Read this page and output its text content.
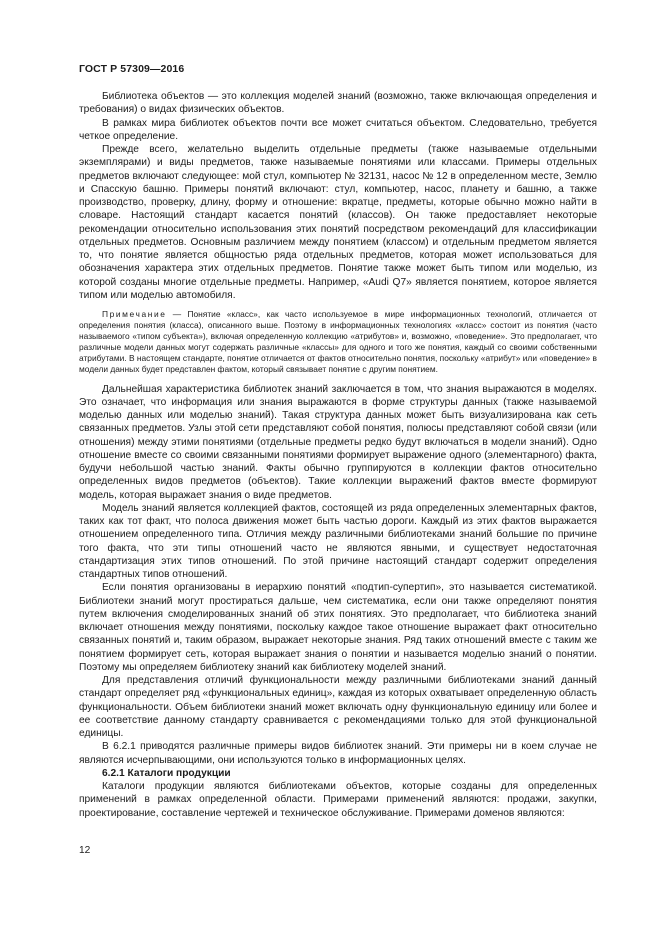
ГОСТ Р 57309—2016

Библиотека объектов — это коллекция моделей знаний (возможно, также включающая определения и требования) о видах физических объектов.

В рамках мира библиотек объектов почти все может считаться объектом. Следовательно, требуется четкое определение.

Прежде всего, желательно выделить отдельные предметы (также называемые отдельными экземплярами) и виды предметов, также называемые понятиями или классами. Примеры отдельных предметов включают следующее: мой стул, компьютер № 32131, насос № 12 в определенном месте, Землю и Спасскую башню. Примеры понятий включают: стул, компьютер, насос, планету и башню, а также производство, проверку, длину, форму и отношение: вкратце, предметы, которые обычно можно найти в словаре. Настоящий стандарт касается понятий (классов). Он также предоставляет некоторые рекомендации относительно использования этих понятий посредством рекомендаций для классификации отдельных предметов. Основным различием между понятием (классом) и отдельным предметом является то, что понятие является общностью ряда отдельных предметов, которая может использоваться для обозначения характера этих отдельных предметов. Понятие также может быть типом или моделью, из которой созданы многие отдельные предметы. Например, «Audi Q7» является понятием, которое является типом или моделью автомобиля.

Примечание — Понятие «класс», как часто используемое в мире информационных технологий, отличается от определения понятия (класса), описанного выше. Поэтому в информационных технологиях «класс» состоит из понятия (часто называемого «типом субъекта»), включая определенную коллекцию «атрибутов» и, возможно, «поведение». Это предполагает, что различные модели данных могут содержать различные «классы» для одного и того же понятия, каждый со своими собственными атрибутами. В настоящем стандарте, понятие отличается от фактов относительно понятия, поскольку «атрибут» или «поведение» в модели данных будет представлен фактом, который связывает понятие с другим понятием.

Дальнейшая характеристика библиотек знаний заключается в том, что знания выражаются в моделях. Это означает, что информация или знания выражаются в форме структуры данных (также называемой моделью данных или моделью знаний). Такая структура данных может быть визуализирована как сеть связанных предметов. Узлы этой сети представляют собой понятия, полюсы представляют собой связи (или отношения) между этими понятиями (отдельные предметы редко будут включаться в модели знаний). Одно отношение вместе со своими связанными понятиями формирует выражение одного (элементарного) факта, будучи небольшой частью знаний. Факты обычно группируются в коллекции фактов относительно определенных видов предметов (объектов). Такие коллекции выражений фактов вместе формируют модель, которая выражает знания о виде предметов.

Модель знаний является коллекцией фактов, состоящей из ряда определенных элементарных фактов, таких как тот факт, что полоса движения может быть частью дороги. Каждый из этих фактов выражается отношением определенного типа. Отличия между различными библиотеками знаний большие по причине того факта, что эти типы отношений часто не являются явными, и существует недостаточная стандартизация этих типов отношений. По этой причине настоящий стандарт содержит определения стандартных типов отношений.

Если понятия организованы в иерархию понятий «подтип-супертип», это называется систематикой. Библиотеки знаний могут простираться дальше, чем систематика, если они также определяют понятия путем включения смоделированных знаний об этих понятиях. Это предполагает, что библиотека знаний включает отношения между понятиями, поскольку каждое такое отношение выражает факт относительно связанных понятий и, таким образом, выражает некоторые знания. Ряд таких отношений вместе с таким же понятием формирует сеть, которая выражает знания о понятии и называется моделью знаний о понятии. Поэтому мы определяем библиотеку знаний как библиотеку моделей знаний.

Для представления отличий функциональности между различными библиотеками знаний данный стандарт определяет ряд «функциональных единиц», каждая из которых охватывает определенную область функциональности. Объем библиотеки знаний может включать одну функциональную единицу или более и ее соответствие данному стандарту сравнивается с рекомендациями только для этой функциональной единицы.

В 6.2.1 приводятся различные примеры видов библиотек знаний. Эти примеры ни в коем случае не являются исчерпывающими, они используются только в информационных целях.

6.2.1 Каталоги продукции

Каталоги продукции являются библиотеками объектов, которые созданы для определенных применений в рамках определенной области. Примерами применений являются: продажи, закупки, проектирование, составление чертежей и техническое обслуживание. Примерами доменов являются:

12
